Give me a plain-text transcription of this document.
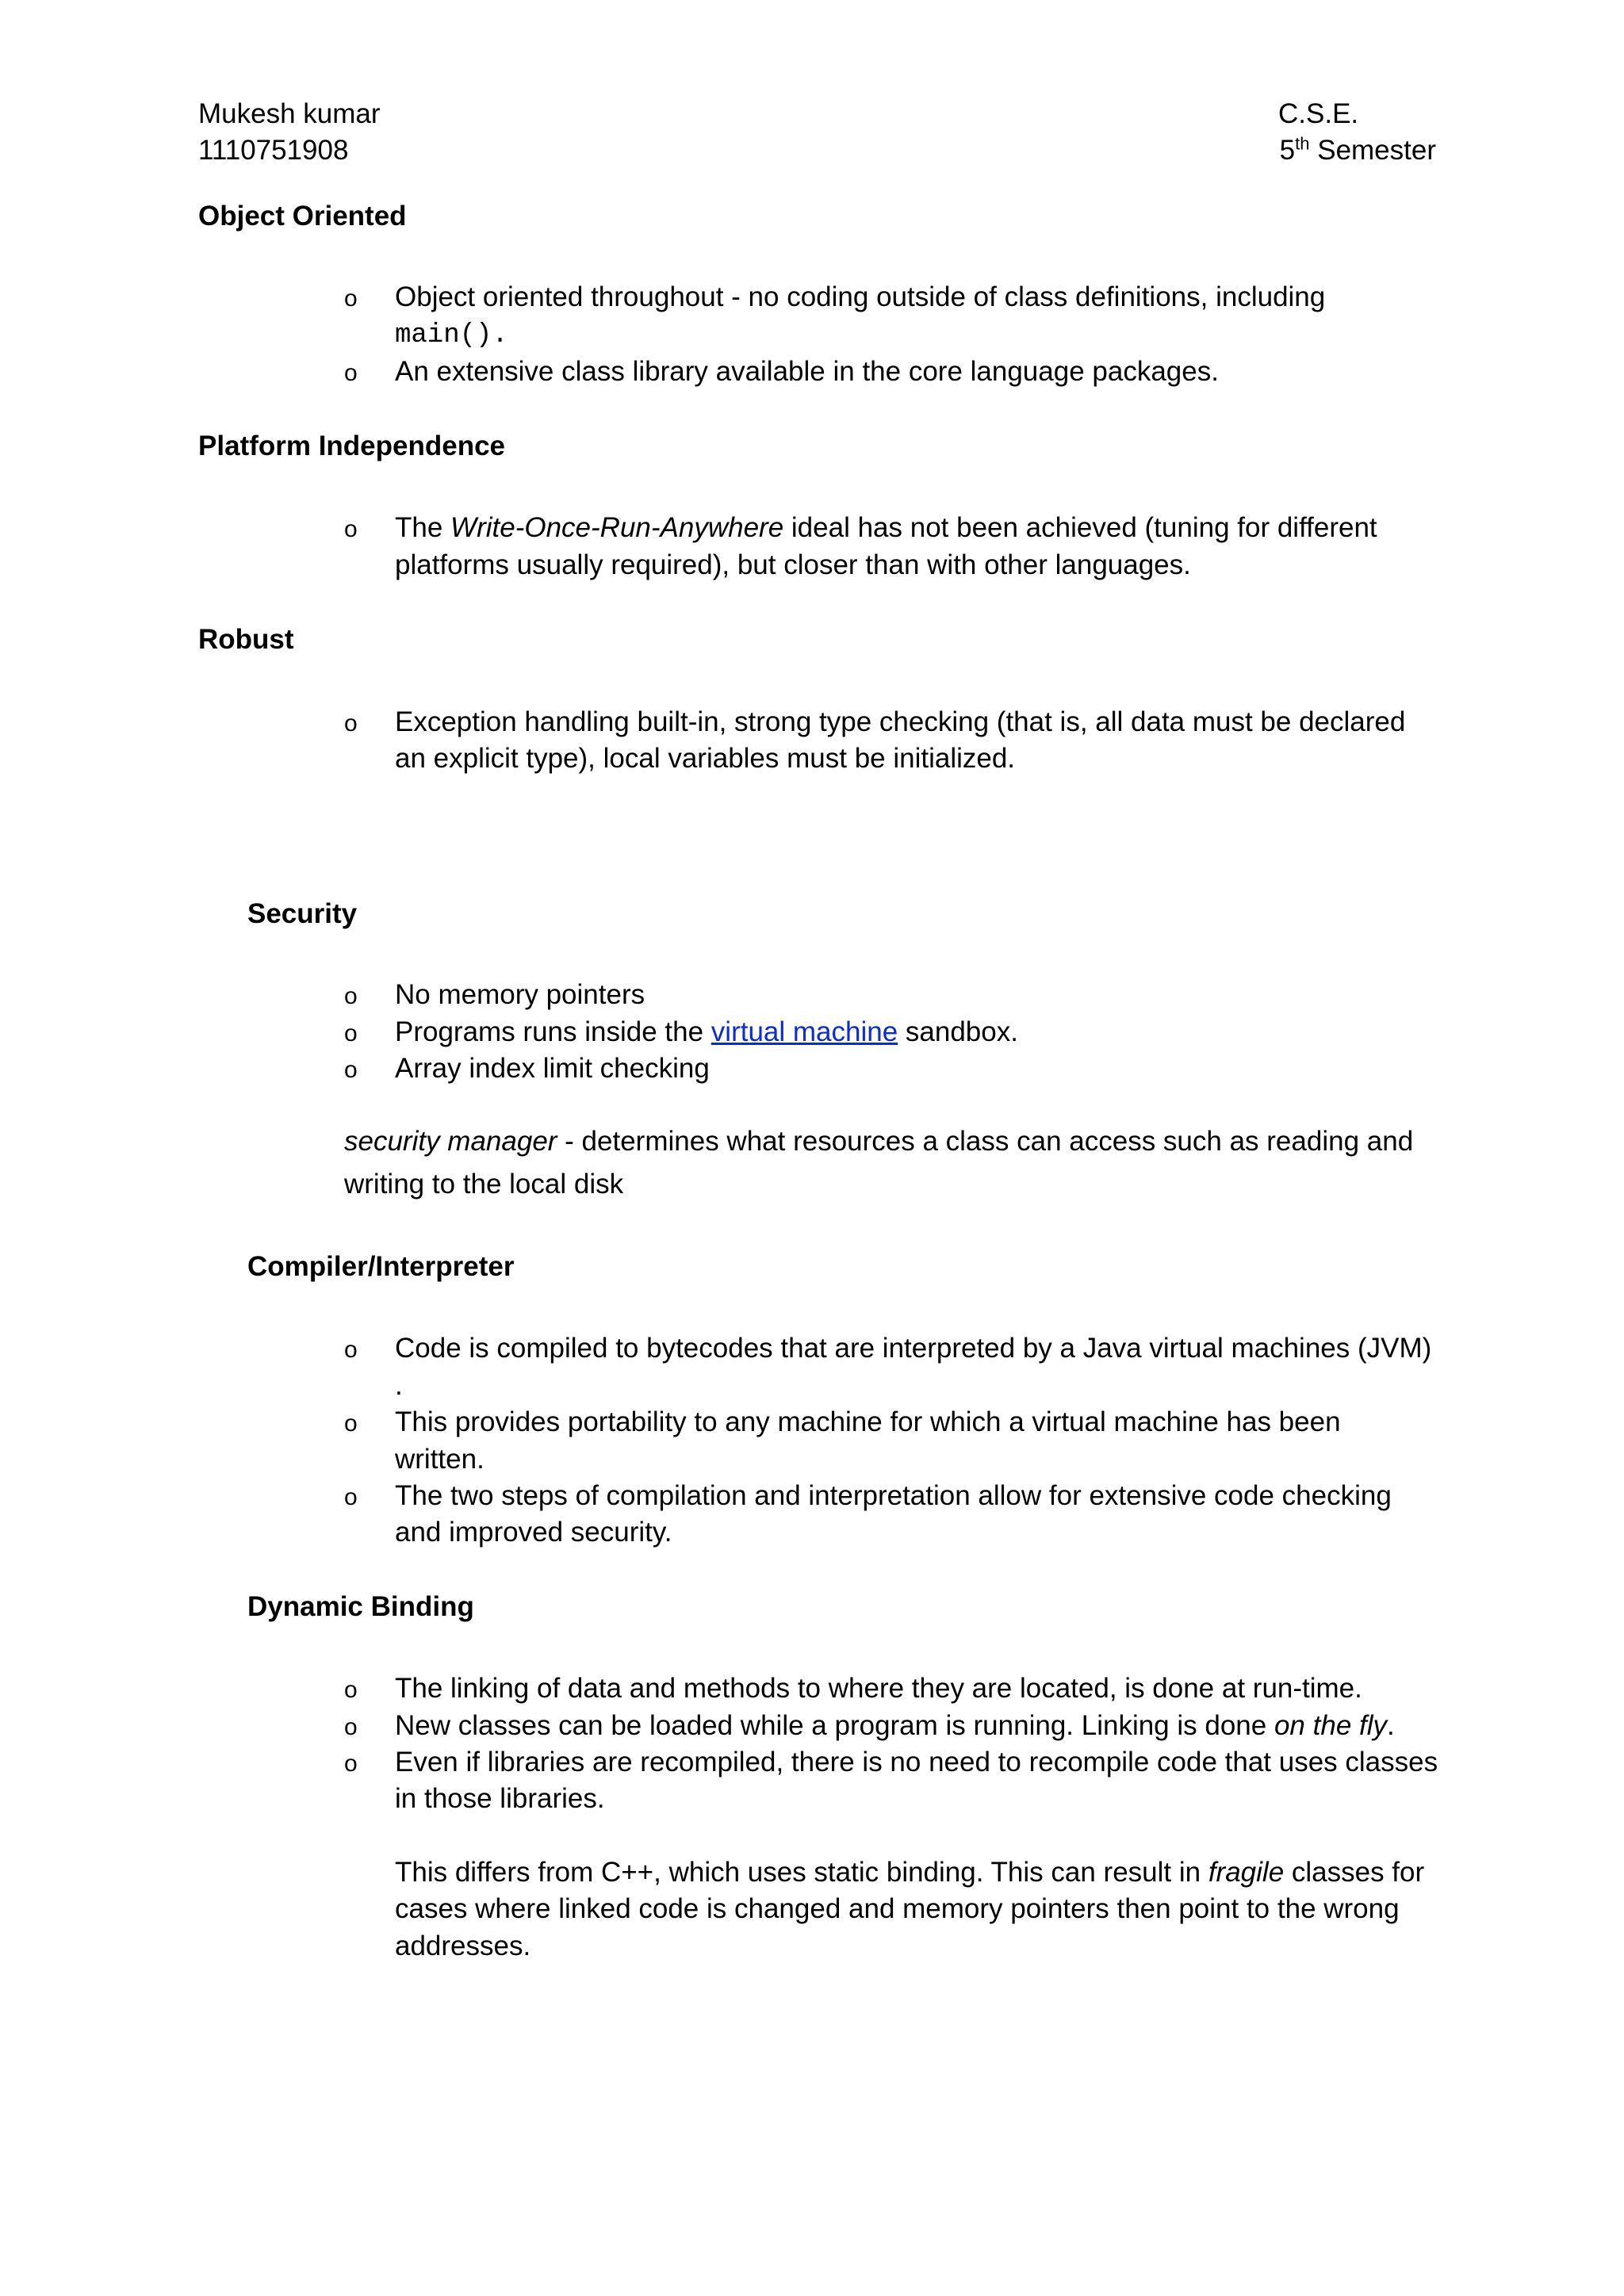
Mukesh kumar
1110751908
C.S.E.
5th Semester
Object Oriented
o Object oriented throughout - no coding outside of class definitions, including
main().
o An extensive class library available in the core language packages.
Platform Independence
o The Write-Once-Run-Anywhere ideal has not been achieved (tuning for different
platforms usually required), but closer than with other languages.
Robust
o Exception handling built-in, strong type checking (that is, all data must be declared
an explicit type), local variables must be initialized.
Security
o No memory pointers
o Programs runs inside the virtual machine sandbox.
o Array index limit checking
security manager - determines what resources a class can access such as reading and
writing to the local disk
Compiler/Interpreter
o Code is compiled to bytecodes that are interpreted by a Java virtual machines (JVM)
.
o This provides portability to any machine for which a virtual machine has been
written.
o The two steps of compilation and interpretation allow for extensive code checking
and improved security.
Dynamic Binding
o The linking of data and methods to where they are located, is done at run-time.
o New classes can be loaded while a program is running. Linking is done on the fly.
o Even if libraries are recompiled, there is no need to recompile code that uses classes
in those libraries.
This differs from C++, which uses static binding. This can result in fragile classes for
cases where linked code is changed and memory pointers then point to the wrong
addresses.
